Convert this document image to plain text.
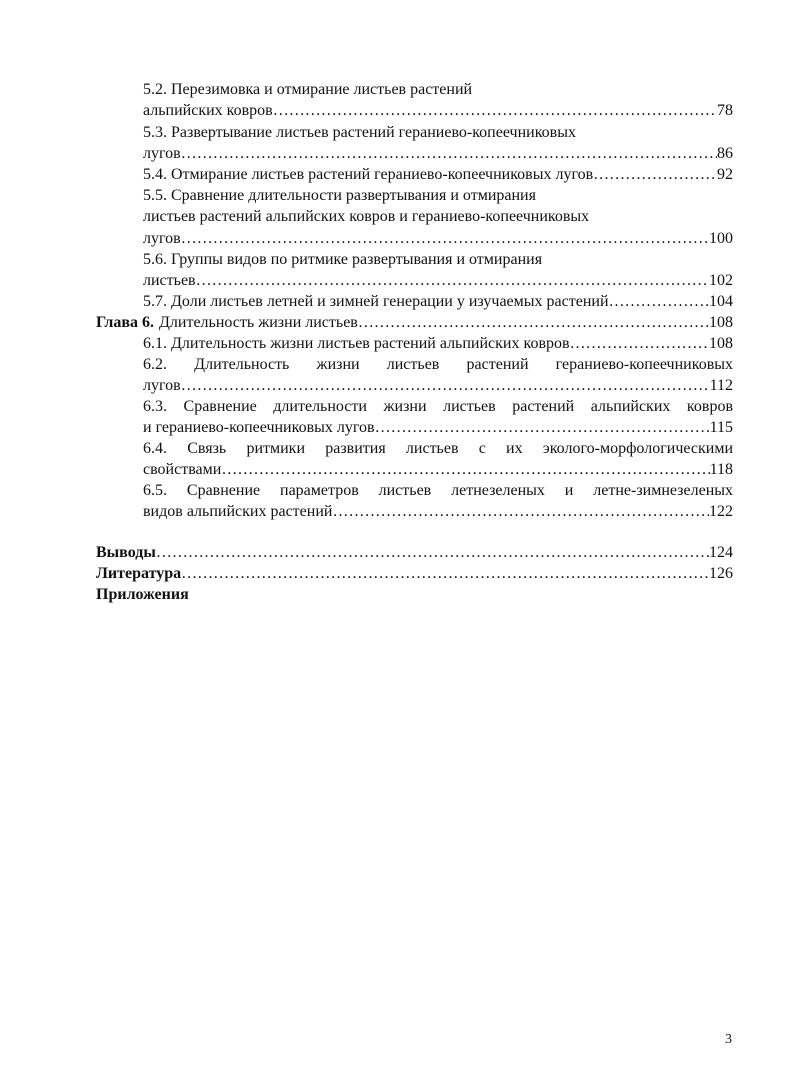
5.2. Перезимовка и отмирание листьев растений
альпийских ковров ……………………………………………………………………………………………………………………………………………………………………………………………………	78
5.3. Развертывание листьев растений гераниево-копеечниковых
лугов ……………………………………………………………………………………………………………………………………………………………………………………………………	86
5.4. Отмирание листьев растений гераниево-копеечниковых лугов ……………………………………………………………………………………………………………………………………………………………………………………………………	92
5.5. Сравнение длительности развертывания и отмирания
листьев растений альпийских ковров и гераниево-копеечниковых
лугов ……………………………………………………………………………………………………………………………………………………………………………………………………	100
5.6. Группы видов по ритмике развертывания и отмирания
листьев ……………………………………………………………………………………………………………………………………………………………………………………………………	102
5.7. Доли листьев летней и зимней генерации у изучаемых растений ……………………………………………………………………………………………………………………………………………………………………………………………………	104
Глава 6. Длительность жизни листьев ……………………………………………………………………………………………………………………………………………………………………………………………………	108
6.1. Длительность жизни листьев растений альпийских ковров ……………………………………………………………………………………………………………………………………………………………………………………………………	108
6.2. Длительность жизни листьев растений гераниево-копеечниковых
лугов ……………………………………………………………………………………………………………………………………………………………………………………………………	112
6.3. Сравнение длительности жизни листьев растений альпийских ковров
и гераниево-копеечниковых лугов ……………………………………………………………………………………………………………………………………………………………………………………………………	115
6.4. Связь ритмики развития листьев с их эколого-морфологическими
свойствами ……………………………………………………………………………………………………………………………………………………………………………………………………	118
6.5. Сравнение параметров листьев летнезеленых и летне-зимнезеленых
видов альпийских растений ……………………………………………………………………………………………………………………………………………………………………………………………………	122
Выводы ……………………………………………………………………………………………………………………………………………………………………………………………………	124
Литература ……………………………………………………………………………………………………………………………………………………………………………………………………	126
Приложения
3
